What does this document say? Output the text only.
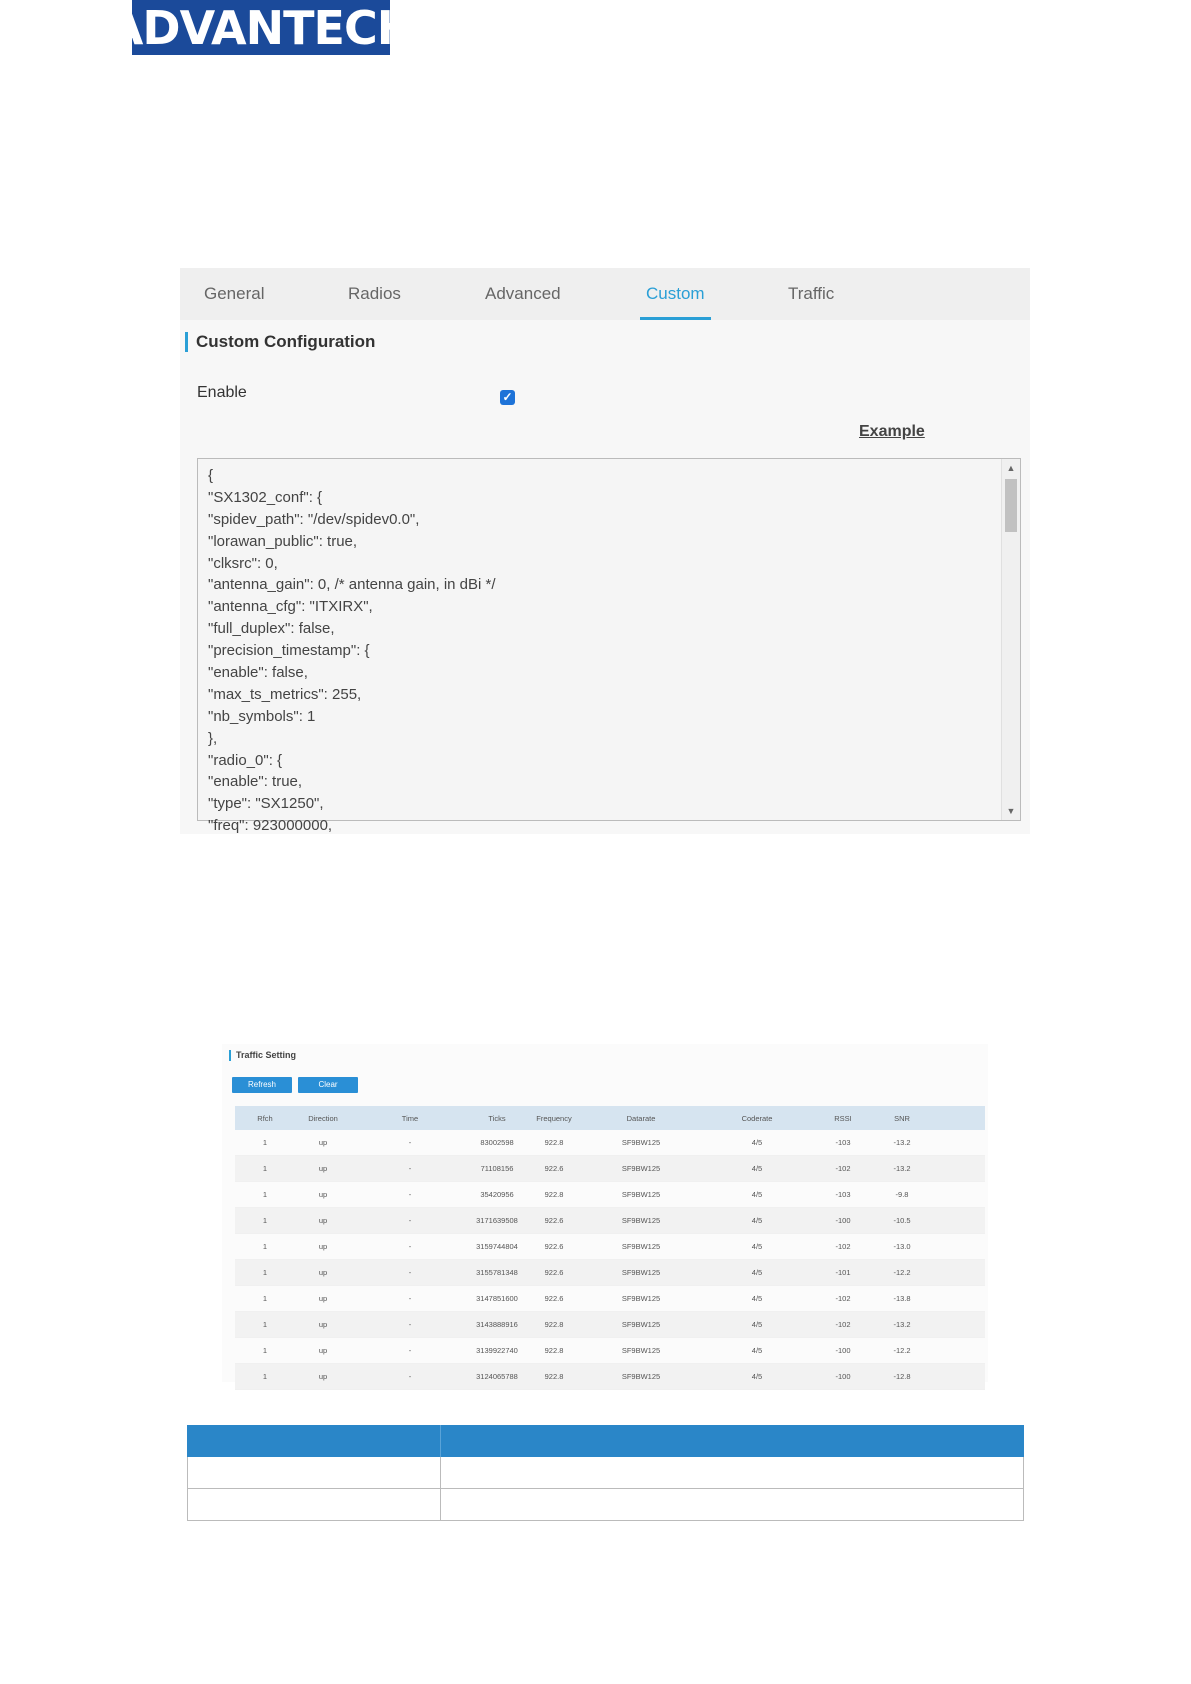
ADVANTECH
General	Radios	Advanced	Custom	Traffic
Custom Configuration
Enable	✓
Example
{
"SX1302_conf": {
"spidev_path": "/dev/spidev0.0",
"lorawan_public": true,
"clksrc": 0,
"antenna_gain": 0, /* antenna gain, in dBi */
"antenna_cfg": "ITXIRX",
"full_duplex": false,
"precision_timestamp": {
"enable": false,
"max_ts_metrics": 255,
"nb_symbols": 1
},
"radio_0": {
"enable": true,
"type": "SX1250",
"freq": 923000000,
▲
▼
Traffic Setting
Refresh	Clear
Rfch	Direction	Time	Ticks	Frequency	Datarate	Coderate	RSSI	SNR
1	up	-	83002598	922.8	SF9BW125	4/5	-103	-13.2
1	up	-	71108156	922.6	SF9BW125	4/5	-102	-13.2
1	up	-	35420956	922.8	SF9BW125	4/5	-103	-9.8
1	up	-	3171639508	922.6	SF9BW125	4/5	-100	-10.5
1	up	-	3159744804	922.6	SF9BW125	4/5	-102	-13.0
1	up	-	3155781348	922.6	SF9BW125	4/5	-101	-12.2
1	up	-	3147851600	922.6	SF9BW125	4/5	-102	-13.8
1	up	-	3143888916	922.8	SF9BW125	4/5	-102	-13.2
1	up	-	3139922740	922.8	SF9BW125	4/5	-100	-12.2
1	up	-	3124065788	922.8	SF9BW125	4/5	-100	-12.8
